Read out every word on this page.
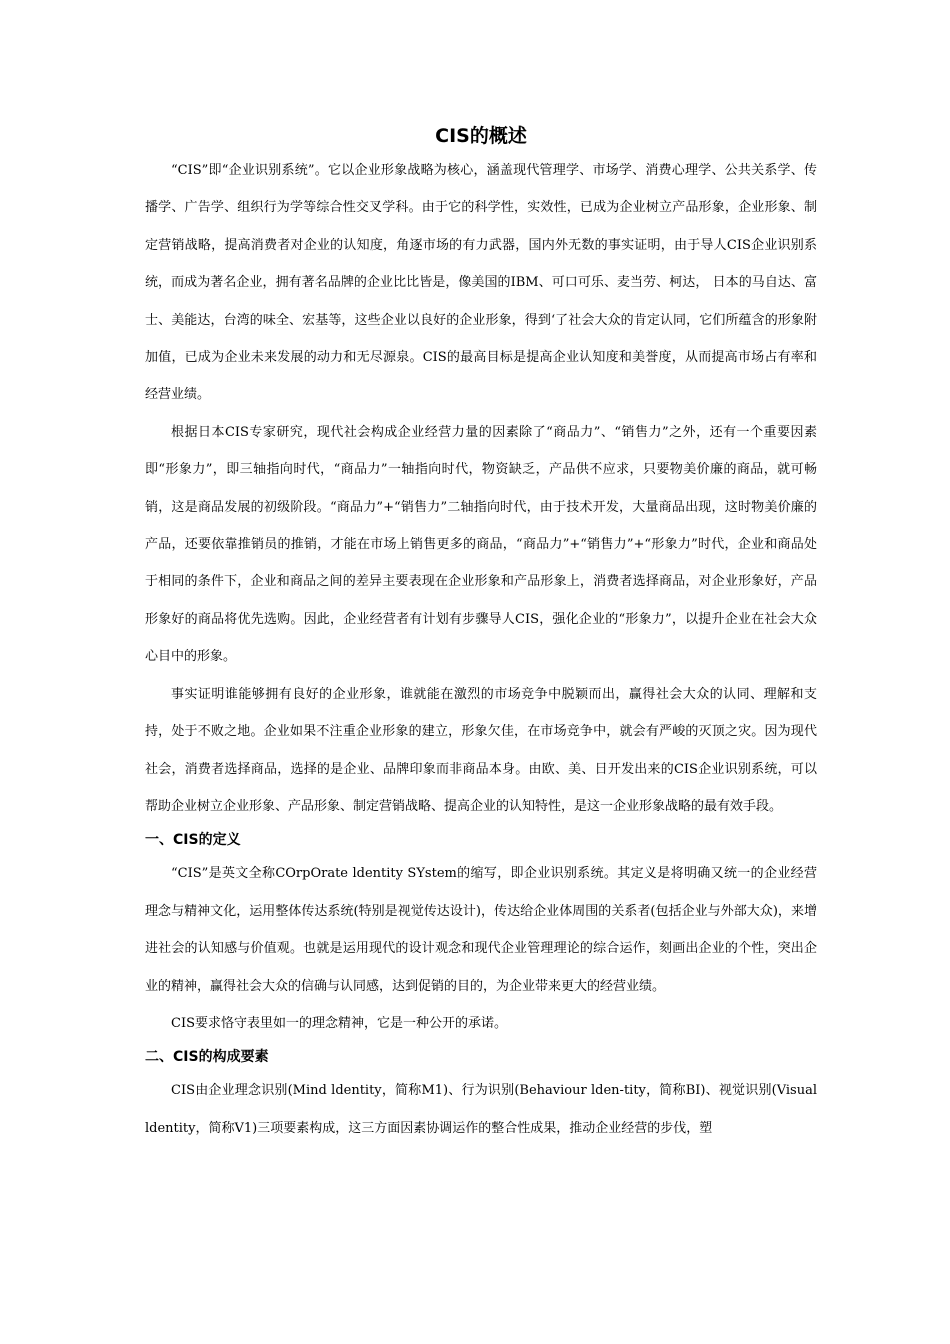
CIS的概述

“CIS”即“企业识别系统”。它以企业形象战略为核心，涵盖现代管理学、市场学、消费心理学、公共关系学、传播学、广告学、组织行为学等综合性交叉学科。由于它的科学性，实效性，已成为企业树立产品形象，企业形象、制定营销战略，提高消费者对企业的认知度，角逐市场的有力武器，国内外无数的事实证明，由于导人CIS企业识别系统，而成为著名企业，拥有著名品牌的企业比比皆是，像美国的IBM、可口可乐、麦当劳、柯达， 日本的马自达、富士、美能达，台湾的味全、宏基等，这些企业以良好的企业形象，得到‘了社会大众的肯定认同，它们所蕴含的形象附加值，已成为企业未来发展的动力和无尽源泉。CIS的最高目标是提高企业认知度和美誉度，从而提高市场占有率和经营业绩。

根据日本CIS专家研究，现代社会构成企业经营力量的因素除了“商品力”、“销售力”之外，还有一个重要因素即“形象力”，即三轴指向时代，“商品力”一轴指向时代，物资缺乏，产品供不应求，只要物美价廉的商品，就可畅销，这是商品发展的初级阶段。“商品力”+“销售力”二轴指向时代，由于技术开发，大量商品出现，这时物美价廉的产品，还要依靠推销员的推销，才能在市场上销售更多的商品，“商品力”+“销售力”+“形象力”时代，企业和商品处于相同的条件下，企业和商品之间的差异主要表现在企业形象和产品形象上，消费者选择商品，对企业形象好，产品形象好的商品将优先选购。因此，企业经营者有计划有步骤导人CIS，强化企业的“形象力”，以提升企业在社会大众心目中的形象。

事实证明谁能够拥有良好的企业形象，谁就能在激烈的市场竞争中脱颖而出，赢得社会大众的认同、理解和支持，处于不败之地。企业如果不注重企业形象的建立，形象欠佳，在市场竞争中，就会有严峻的灭顶之灾。因为现代社会，消费者选择商品，选择的是企业、品牌印象而非商品本身。由欧、美、日开发出来的CIS企业识别系统，可以帮助企业树立企业形象、产品形象、制定营销战略、提高企业的认知特性，是这一企业形象战略的最有效手段。

一、CIS的定义

“CIS”是英文全称COrpOrate ldentity SYstem的缩写，即企业识别系统。其定义是将明确又统一的企业经营理念与精神文化，运用整体传达系统(特别是视觉传达设计)，传达给企业体周围的关系者(包括企业与外部大众)，来增进社会的认知感与价值观。也就是运用现代的设计观念和现代企业管理理论的综合运作，刻画出企业的个性，突出企业的精神，赢得社会大众的信确与认同感，达到促销的目的，为企业带来更大的经营业绩。

CIS要求恪守表里如一的理念精神，它是一种公开的承诺。

二、CIS的构成要素

CIS由企业理念识别(Mind ldentity，简称M1)、行为识别(Behaviour lden-tity，简称BI)、视觉识别(Visual ldentity，简称V1)三项要素构成，这三方面因素协调运作的整合性成果，推动企业经营的步伐，塑
